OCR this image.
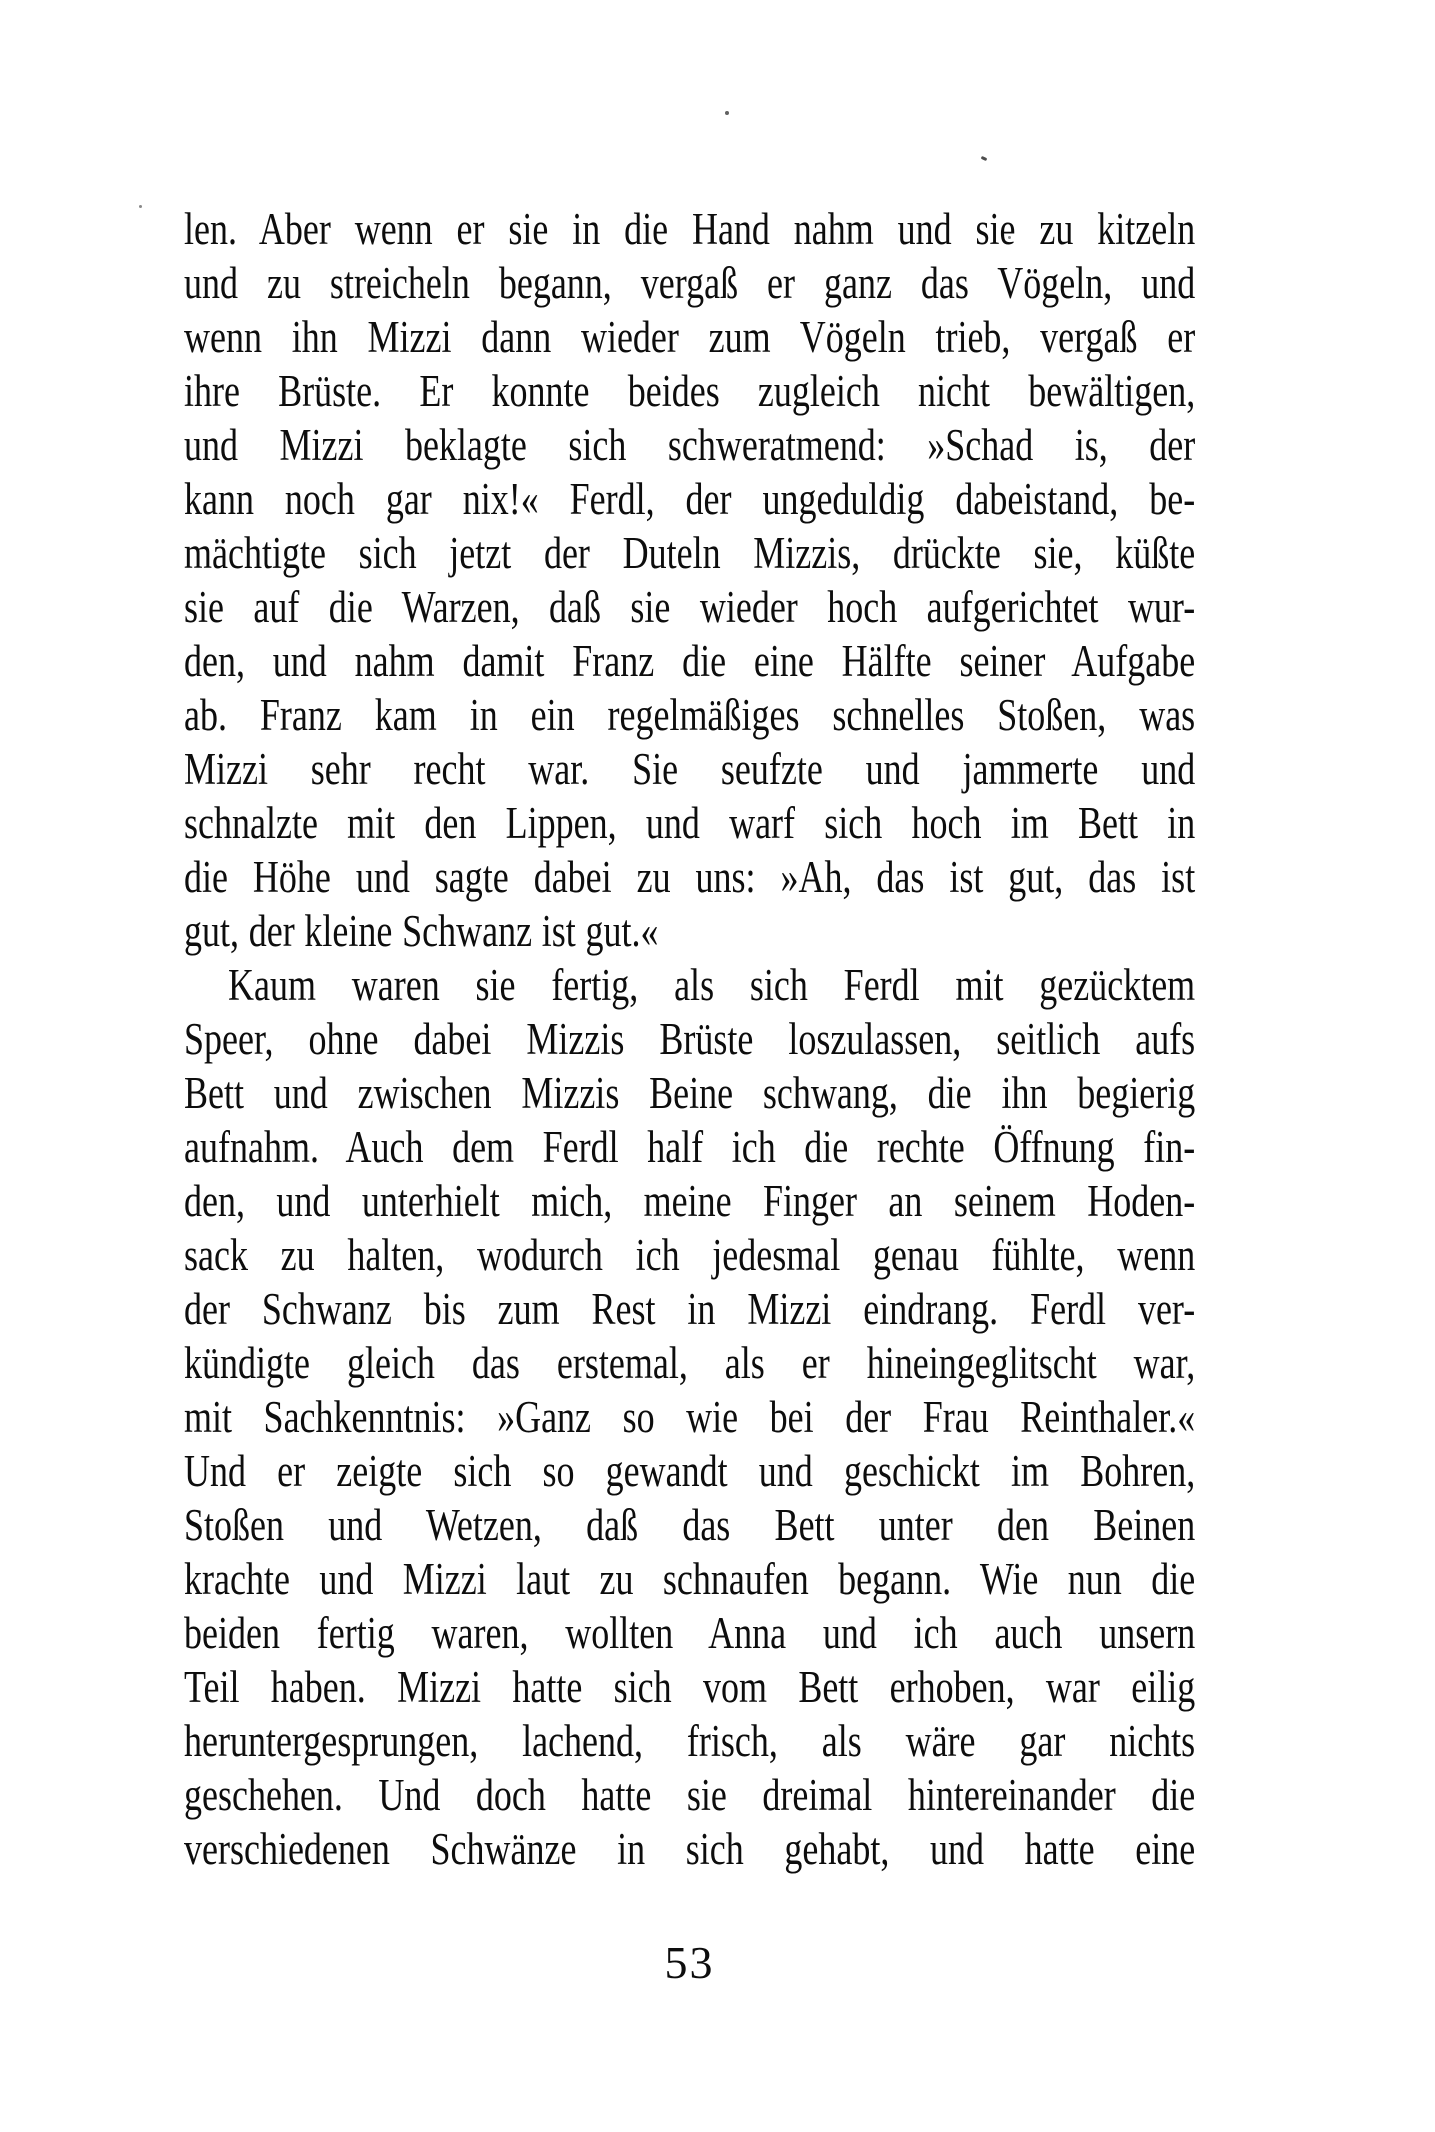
len. Aber wenn er sie in die Hand nahm und sie zu kitzeln
und zu streicheln begann, vergaß er ganz das Vögeln, und
wenn ihn Mizzi dann wieder zum Vögeln trieb, vergaß er
ihre Brüste. Er konnte beides zugleich nicht bewältigen,
und Mizzi beklagte sich schweratmend: »Schad is, der
kann noch gar nix!« Ferdl, der ungeduldig dabeistand, be-
mächtigte sich jetzt der Duteln Mizzis, drückte sie, küßte
sie auf die Warzen, daß sie wieder hoch aufgerichtet wur-
den, und nahm damit Franz die eine Hälfte seiner Aufgabe
ab. Franz kam in ein regelmäßiges schnelles Stoßen, was
Mizzi sehr recht war. Sie seufzte und jammerte und
schnalzte mit den Lippen, und warf sich hoch im Bett in
die Höhe und sagte dabei zu uns: »Ah, das ist gut, das ist
gut, der kleine Schwanz ist gut.«
Kaum waren sie fertig, als sich Ferdl mit gezücktem
Speer, ohne dabei Mizzis Brüste loszulassen, seitlich aufs
Bett und zwischen Mizzis Beine schwang, die ihn begierig
aufnahm. Auch dem Ferdl half ich die rechte Öffnung fin-
den, und unterhielt mich, meine Finger an seinem Hoden-
sack zu halten, wodurch ich jedesmal genau fühlte, wenn
der Schwanz bis zum Rest in Mizzi eindrang. Ferdl ver-
kündigte gleich das erstemal, als er hineingeglitscht war,
mit Sachkenntnis: »Ganz so wie bei der Frau Reinthaler.«
Und er zeigte sich so gewandt und geschickt im Bohren,
Stoßen und Wetzen, daß das Bett unter den Beinen
krachte und Mizzi laut zu schnaufen begann. Wie nun die
beiden fertig waren, wollten Anna und ich auch unsern
Teil haben. Mizzi hatte sich vom Bett erhoben, war eilig
heruntergesprungen, lachend, frisch, als wäre gar nichts
geschehen. Und doch hatte sie dreimal hintereinander die
verschiedenen Schwänze in sich gehabt, und hatte eine
53
